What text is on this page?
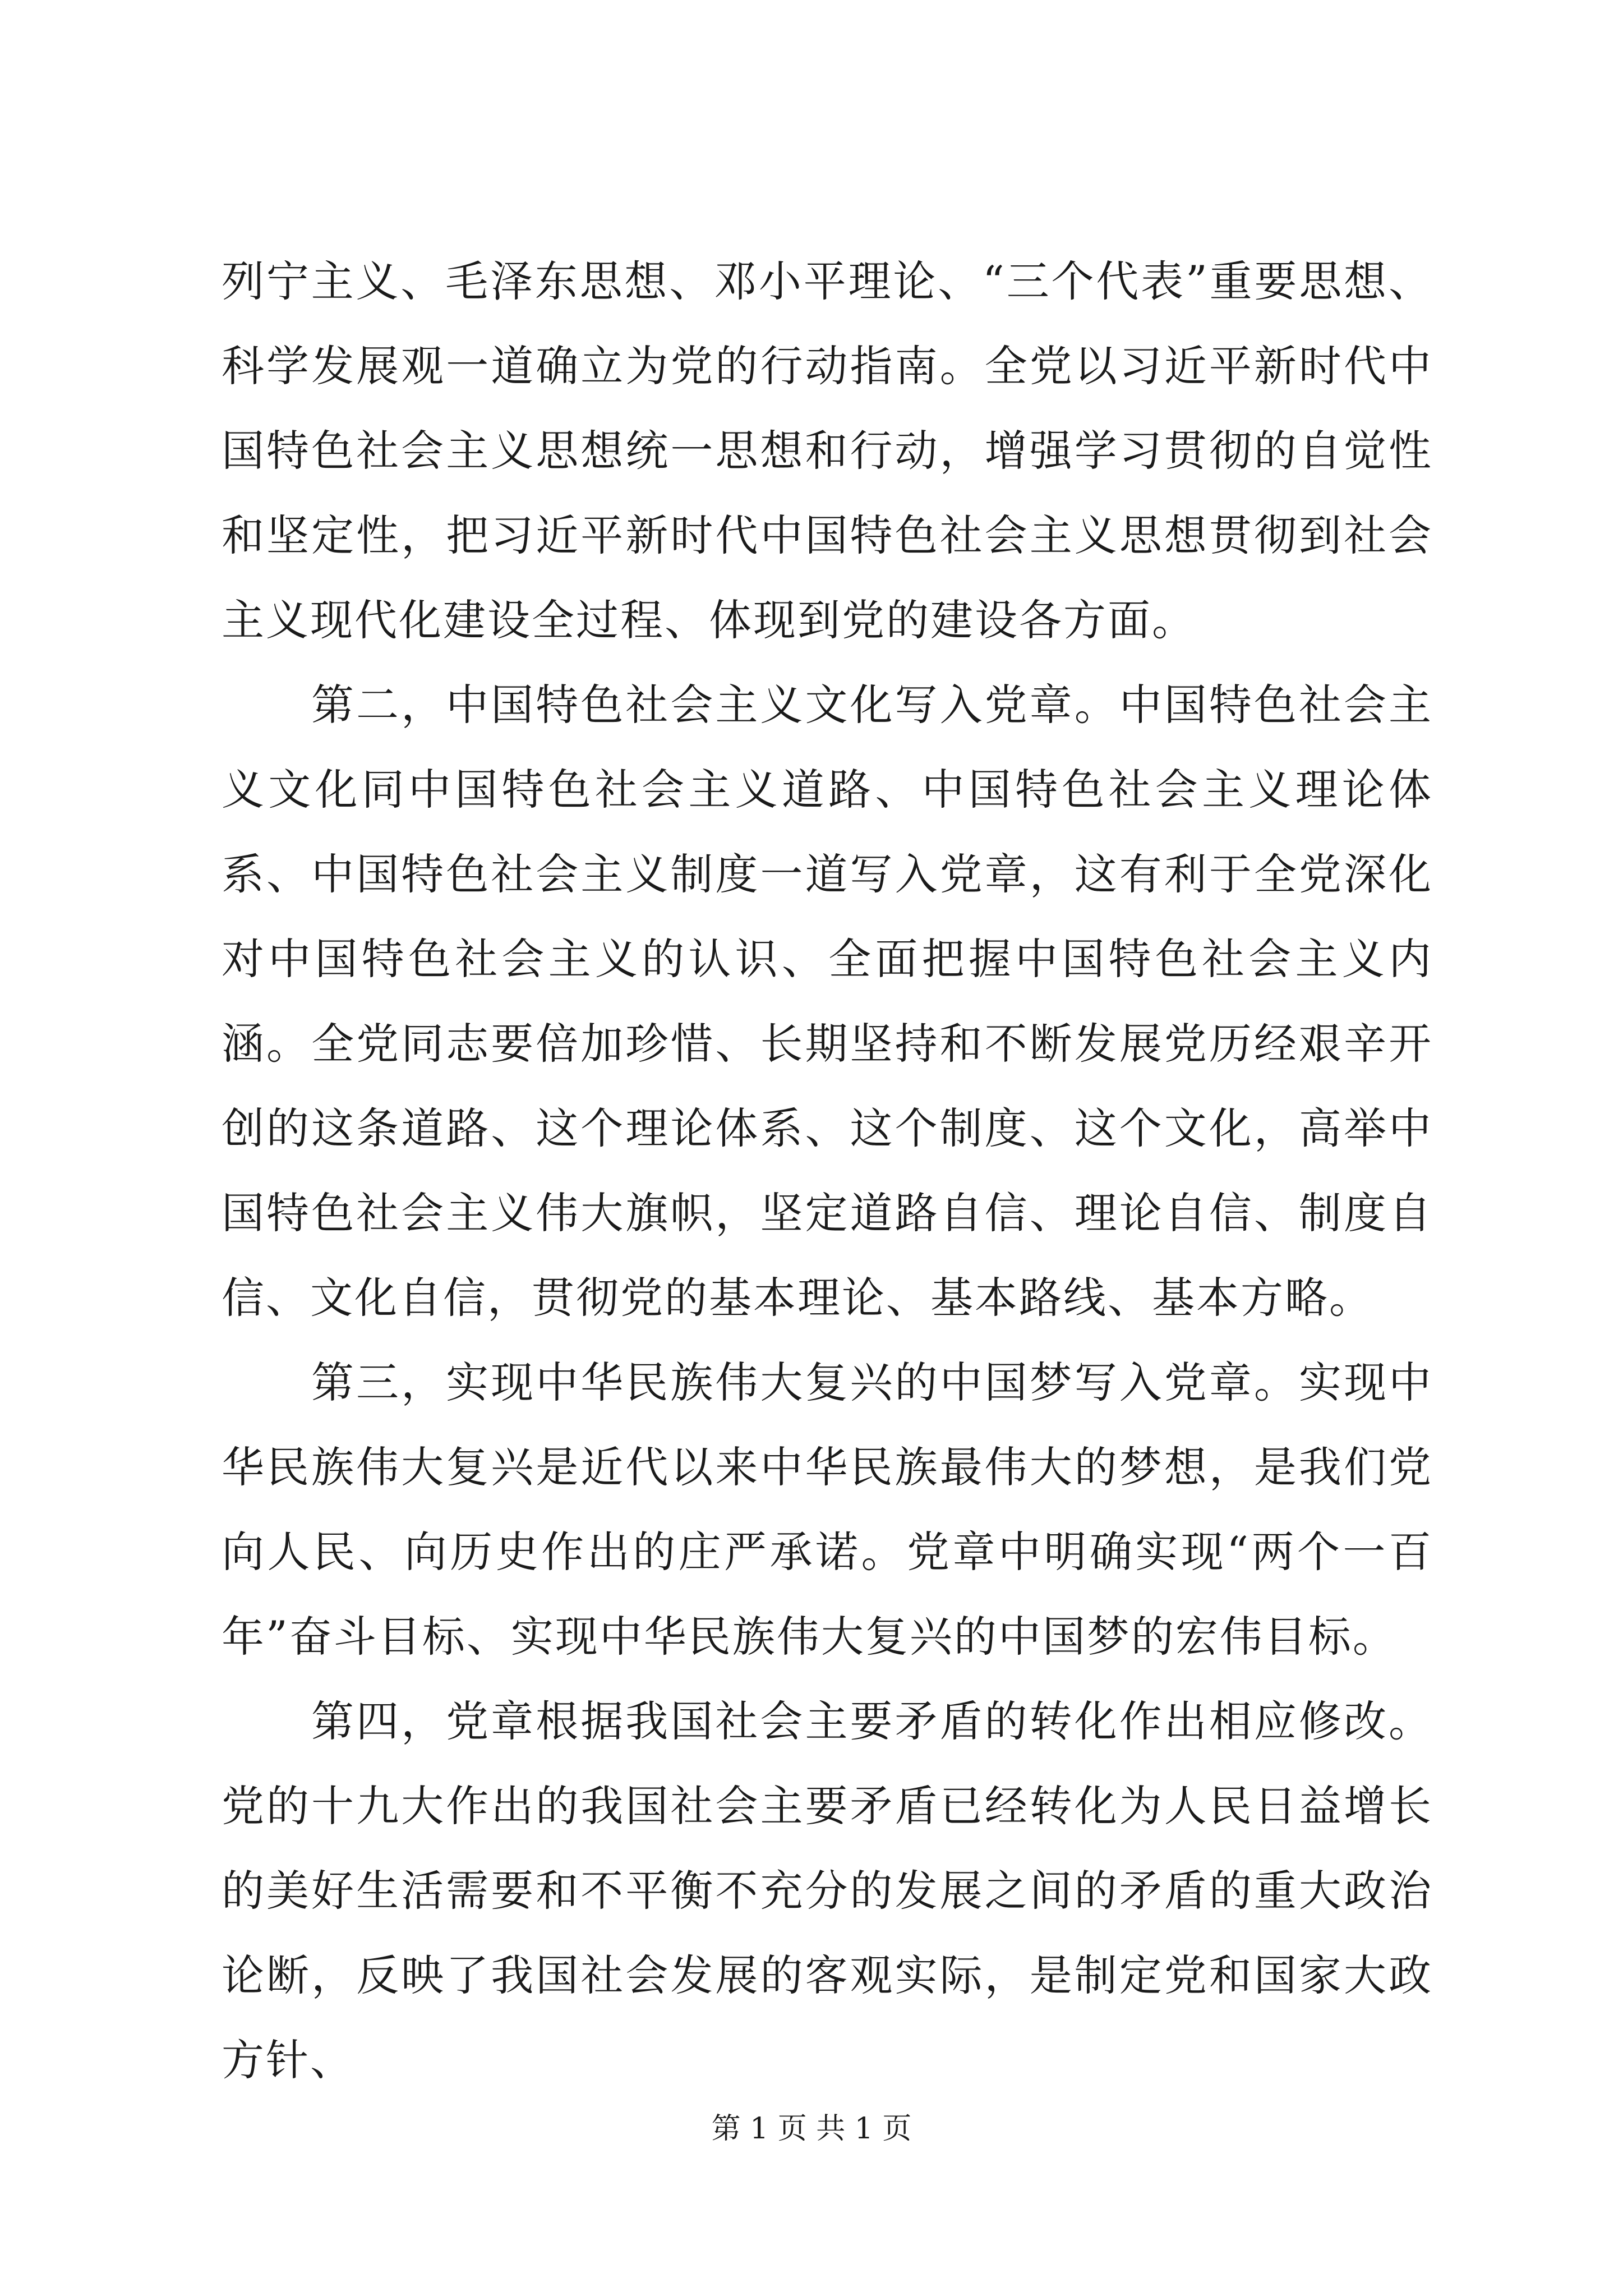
列宁主义、毛泽东思想、邓小平理论、“三个代表”重要思想、科学发展观一道确立为党的行动指南。全党以习近平新时代中国特色社会主义思想统一思想和行动，增强学习贯彻的自觉性和坚定性，把习近平新时代中国特色社会主义思想贯彻到社会主义现代化建设全过程、体现到党的建设各方面。

第二，中国特色社会主义文化写入党章。中国特色社会主义文化同中国特色社会主义道路、中国特色社会主义理论体系、中国特色社会主义制度一道写入党章，这有利于全党深化对中国特色社会主义的认识、全面把握中国特色社会主义内涵。全党同志要倍加珍惜、长期坚持和不断发展党历经艰辛开创的这条道路、这个理论体系、这个制度、这个文化，高举中国特色社会主义伟大旗帜，坚定道路自信、理论自信、制度自信、文化自信，贯彻党的基本理论、基本路线、基本方略。

第三，实现中华民族伟大复兴的中国梦写入党章。实现中华民族伟大复兴是近代以来中华民族最伟大的梦想，是我们党向人民、向历史作出的庄严承诺。党章中明确实现“两个一百年”奋斗目标、实现中华民族伟大复兴的中国梦的宏伟目标。

第四，党章根据我国社会主要矛盾的转化作出相应修改。党的十九大作出的我国社会主要矛盾已经转化为人民日益增长的美好生活需要和不平衡不充分的发展之间的矛盾的重大政治论断，反映了我国社会发展的客观实际，是制定党和国家大政方针、

第 1 页 共 1 页
